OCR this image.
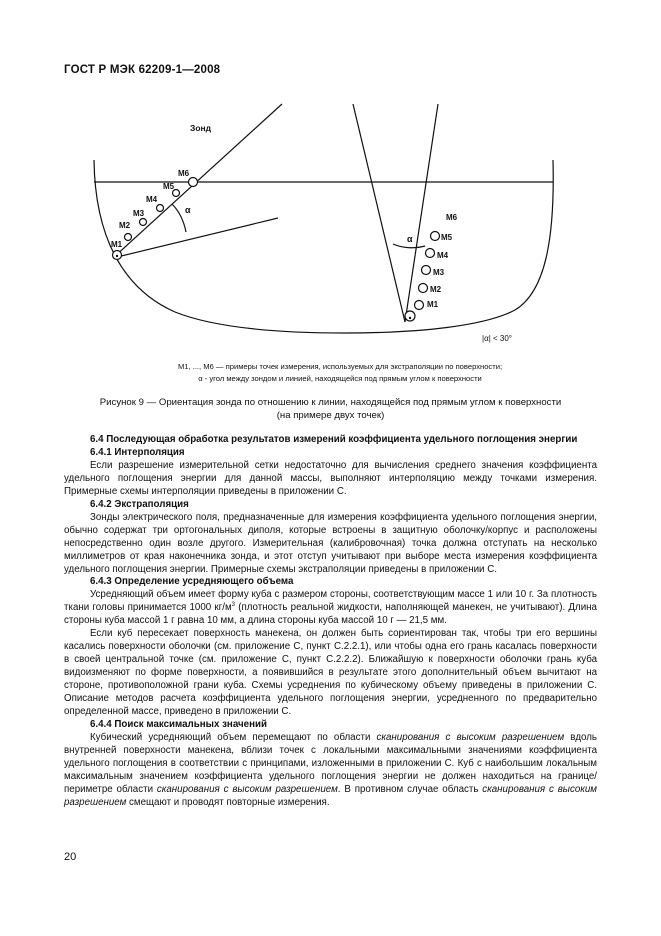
ГОСТ Р МЭК 62209-1—2008
Зонд
M1
M2
M3
M4
M5
M6
α
M1
M2
M3
M4
M5
M6
α
|α| < 30°
M1, ..., M6 — примеры точек измерения, используемых для экстраполяции по поверхности;
α - угол между зондом и линией, находящейся под прямым углом к поверхности
Рисунок 9 — Ориентация зонда по отношению к линии, находящейся под прямым углом к поверхности
(на примере двух точек)
6.4 Последующая обработка результатов измерений коэффициента удельного поглощения энергии
6.4.1 Интерполяция

Если разрешение измерительной сетки недостаточно для вычисления среднего значения коэффициента удельного поглощения энергии для данной массы, выполняют интерполяцию между точками измерения. Примерные схемы интерполяции приведены в приложении С.

6.4.2 Экстраполяция

Зонды электрического поля, предназначенные для измерения коэффициента удельного поглощения энергии, обычно содержат три ортогональных диполя, которые встроены в защитную оболочку/корпус и расположены непосредственно один возле другого. Измерительная (калибровочная) точка должна отступать на несколько миллиметров от края наконечника зонда, и этот отступ учитывают при выборе места измерения коэффициента удельного поглощения энергии. Примерные схемы экстраполяции приведены в приложении С.

6.4.3 Определение усредняющего объема

Усредняющий объем имеет форму куба с размером стороны, соответствующим массе 1 или 10 г. За плотность ткани головы принимается 1000 $кг/м^3$ (плотность реальной жидкости, наполняющей манекен, не учитывают). Длина стороны куба массой 1 г равна 10 мм, а длина стороны куба массой 10 г — 21,5 мм.

Если куб пересекает поверхность манекена, он должен быть сориентирован так, чтобы три его вершины касались поверхности оболочки (см. приложение С, пункт С.2.2.1), или чтобы одна его грань касалась поверхности в своей центральной точке (см. приложение С, пункт С.2.2.2). Ближайшую к поверхности оболочки грань куба видоизменяют по форме поверхности, а появившийся в результате этого дополнительный объем вычитают на стороне, противоположной грани куба. Схемы усреднения по кубическому объему приведены в приложении С. Описание методов расчета коэффициента удельного поглощения энергии, усредненного по предварительно определенной массе, приведено в приложении С.

6.4.4 Поиск максимальных значений

Кубический усредняющий объем перемещают по области сканирования с высоким разрешением вдоль внутренней поверхности манекена, вблизи точек с локальными максимальными значениями коэффициента удельного поглощения в соответствии с принципами, изложенными в приложении С. Куб с наибольшим локальным максимальным значением коэффициента удельного поглощения энергии не должен находиться на границе/периметре области сканирования с высоким разрешением. В противном случае область сканирования с высоким разрешением смещают и проводят повторные измерения.

20
